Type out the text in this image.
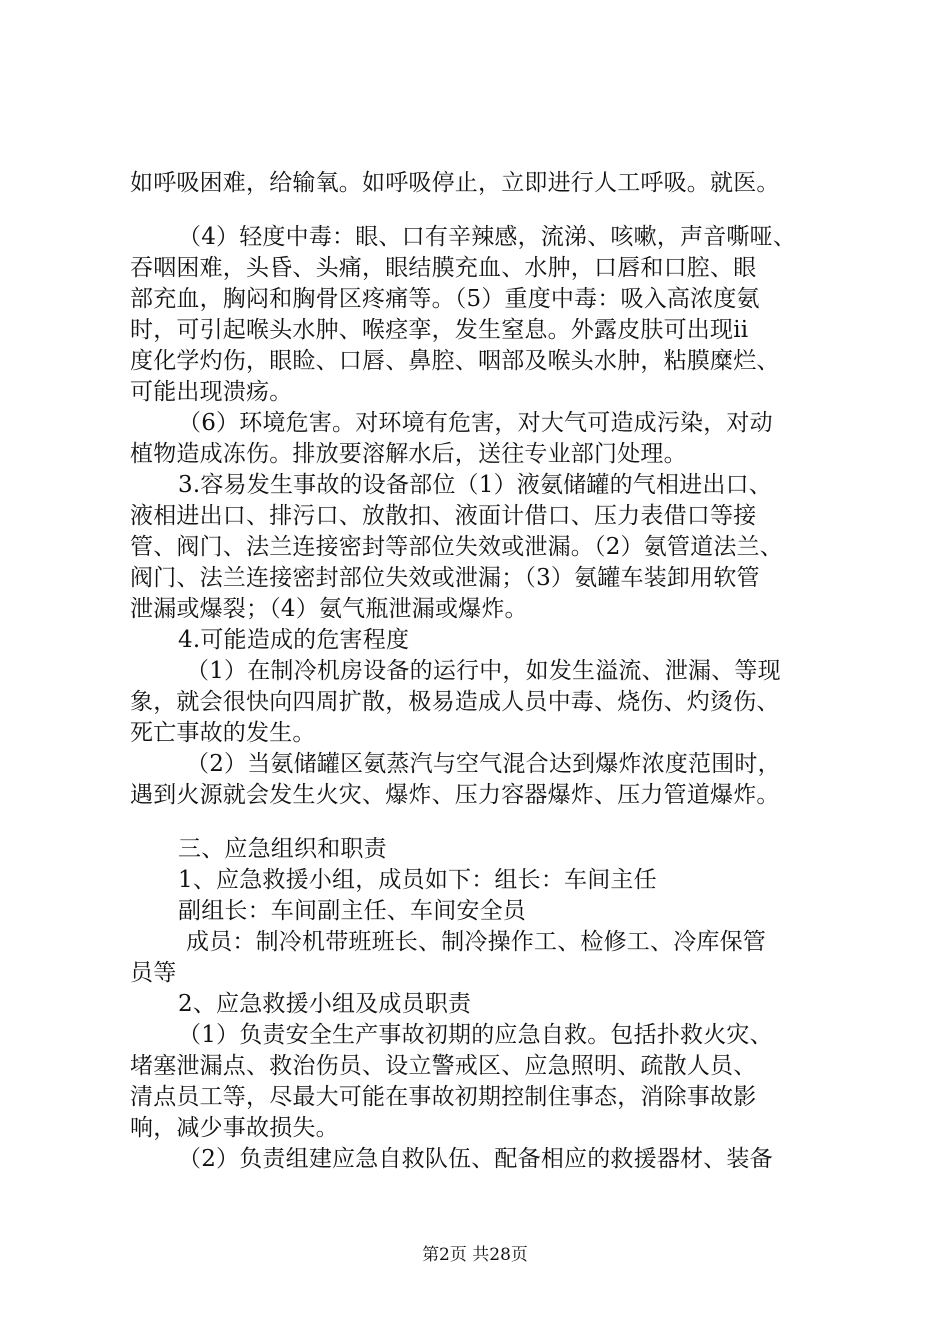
如呼吸困难，给输氧。如呼吸停止，立即进行人工呼吸。就医。
（4）轻度中毒：眼、口有辛辣感，流涕、咳嗽，声音嘶哑、
吞咽困难，头昏、头痛，眼结膜充血、水肿，口唇和口腔、眼
部充血，胸闷和胸骨区疼痛等。（5）重度中毒：吸入高浓度氨
时，可引起喉头水肿、喉痉挛，发生窒息。外露皮肤可出现ii
度化学灼伤，眼睑、口唇、鼻腔、咽部及喉头水肿，粘膜糜烂、
可能出现溃疡。
（6）环境危害。对环境有危害，对大气可造成污染，对动
植物造成冻伤。排放要溶解水后，送往专业部门处理。
3.容易发生事故的设备部位（1）液氨储罐的气相进出口、
液相进出口、排污口、放散扣、液面计借口、压力表借口等接
管、阀门、法兰连接密封等部位失效或泄漏。（2）氨管道法兰、
阀门、法兰连接密封部位失效或泄漏；（3）氨罐车装卸用软管
泄漏或爆裂；（4）氨气瓶泄漏或爆炸。
4.可能造成的危害程度
（1）在制冷机房设备的运行中，如发生溢流、泄漏、等现
象，就会很快向四周扩散，极易造成人员中毒、烧伤、灼烫伤、
死亡事故的发生。
（2）当氨储罐区氨蒸汽与空气混合达到爆炸浓度范围时，
遇到火源就会发生火灾、爆炸、压力容器爆炸、压力管道爆炸。
三、应急组织和职责
1、应急救援小组，成员如下：组长：车间主任
副组长：车间副主任、车间安全员
成员：制冷机带班班长、制冷操作工、检修工、冷库保管
员等
2、应急救援小组及成员职责
（1）负责安全生产事故初期的应急自救。包括扑救火灾、
堵塞泄漏点、救治伤员、设立警戒区、应急照明、疏散人员、
清点员工等，尽最大可能在事故初期控制住事态，消除事故影
响，减少事故损失。
（2）负责组建应急自救队伍、配备相应的救援器材、装备
第2页 共28页
